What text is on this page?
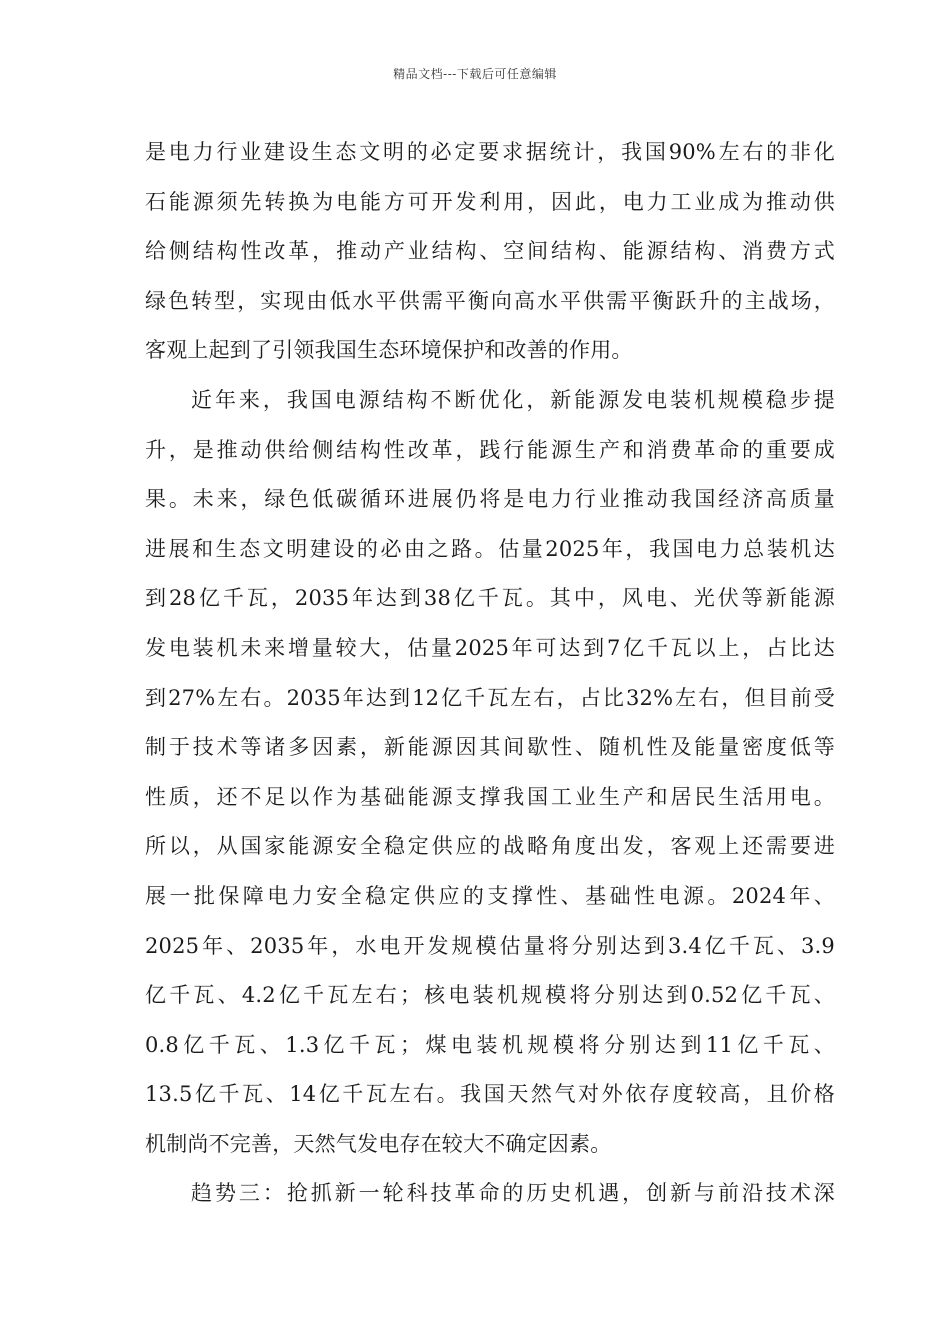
精品文档---下载后可任意编辑
是电力行业建设生态文明的必定要求据统计，我国90%左右的非化
石能源须先转换为电能方可开发利用，因此，电力工业成为推动供
给侧结构性改革，推动产业结构、空间结构、能源结构、消费方式
绿色转型，实现由低水平供需平衡向高水平供需平衡跃升的主战场，
客观上起到了引领我国生态环境保护和改善的作用。
近年来，我国电源结构不断优化，新能源发电装机规模稳步提
升，是推动供给侧结构性改革，践行能源生产和消费革命的重要成
果。未来，绿色低碳循环进展仍将是电力行业推动我国经济高质量
进展和生态文明建设的必由之路。估量2025年，我国电力总装机达
到28亿千瓦，2035年达到38亿千瓦。其中，风电、光伏等新能源
发电装机未来增量较大，估量2025年可达到7亿千瓦以上，占比达
到27%左右。2035年达到12亿千瓦左右，占比32%左右，但目前受
制于技术等诸多因素，新能源因其间歇性、随机性及能量密度低等
性质，还不足以作为基础能源支撑我国工业生产和居民生活用电。
所以，从国家能源安全稳定供应的战略角度出发，客观上还需要进
展一批保障电力安全稳定供应的支撑性、基础性电源。2024年、
2025年、2035年，水电开发规模估量将分别达到3.4亿千瓦、3.9
亿千瓦、4.2亿千瓦左右；核电装机规模将分别达到0.52亿千瓦、
0.8亿千瓦、1.3亿千瓦；煤电装机规模将分别达到11亿千瓦、
13.5亿千瓦、14亿千瓦左右。我国天然气对外依存度较高，且价格
机制尚不完善，天然气发电存在较大不确定因素。
趋势三：抢抓新一轮科技革命的历史机遇，创新与前沿技术深
